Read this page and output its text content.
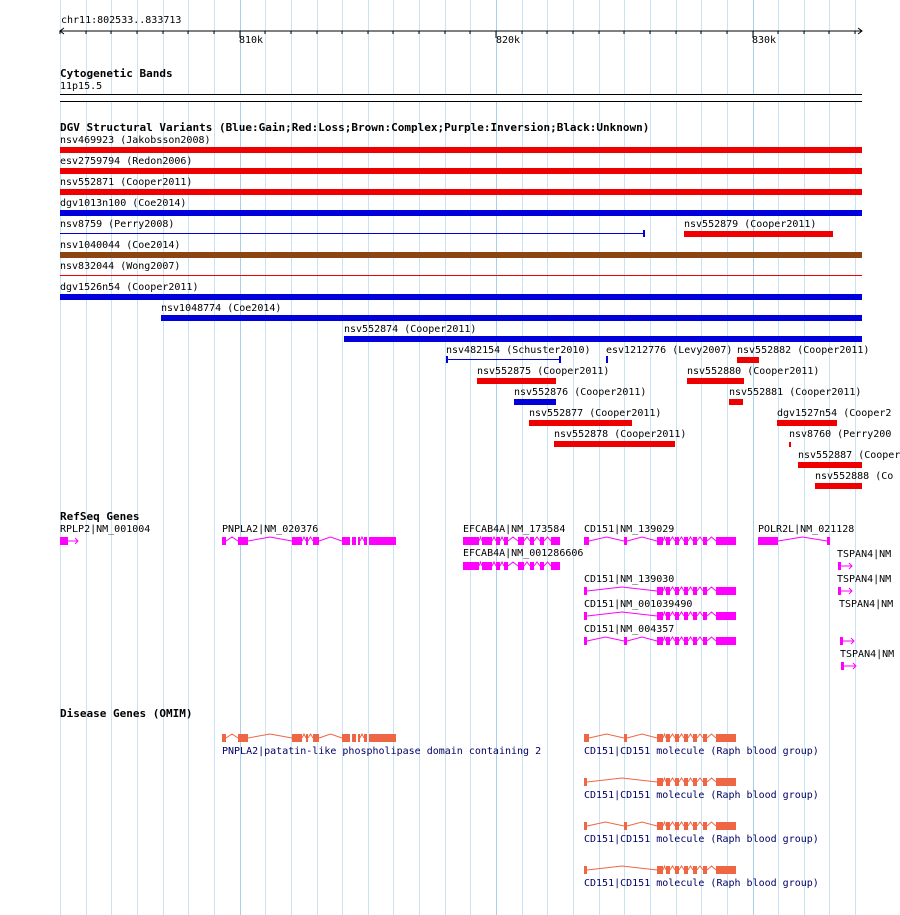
chr11:802533..833713
810k	820k	830k
Cytogenetic Bands
11p15.5
DGV Structural Variants (Blue:Gain;Red:Loss;Brown:Complex;Purple:Inversion;Black:Unknown)
nsv469923 (Jakobsson2008)
esv2759794 (Redon2006)
nsv552871 (Cooper2011)
dgv1013n100 (Coe2014)
nsv8759 (Perry2008)	nsv552879 (Cooper2011)
nsv1040044 (Coe2014)
nsv832044 (Wong2007)
dgv1526n54 (Cooper2011)
nsv1048774 (Coe2014)
nsv552874 (Cooper2011)
nsv482154 (Schuster2010) esv1212776 (Levy2007) nsv552882 (Cooper2011)
nsv552875 (Cooper2011)	nsv552880 (Cooper2011)
nsv552876 (Cooper2011)	nsv552881 (Cooper2011)
nsv552877 (Cooper2011)	dgv1527n54 (Cooper2
nsv552878 (Cooper2011)	nsv8760 (Perry200
nsv552887 (Cooper
nsv552888 (Co
RefSeq Genes
RPLP2|NM_001004	PNPLA2|NM_020376	EFCAB4A|NM_173584
EFCAB4A|NM_001286606
CD151|NM_139029
CD151|NM_139030
CD151|NM_001039490
CD151|NM_004357
POLR2L|NM_021128
TSPAN4|NM
TSPAN4|NM
TSPAN4|NM
TSPAN4|NM
Disease Genes (OMIM)
PNPLA2|patatin-like phospholipase domain containing 2	CD151|CD151 molecule (Raph blood group)
CD151|CD151 molecule (Raph blood group)
CD151|CD151 molecule (Raph blood group)
CD151|CD151 molecule (Raph blood group)
